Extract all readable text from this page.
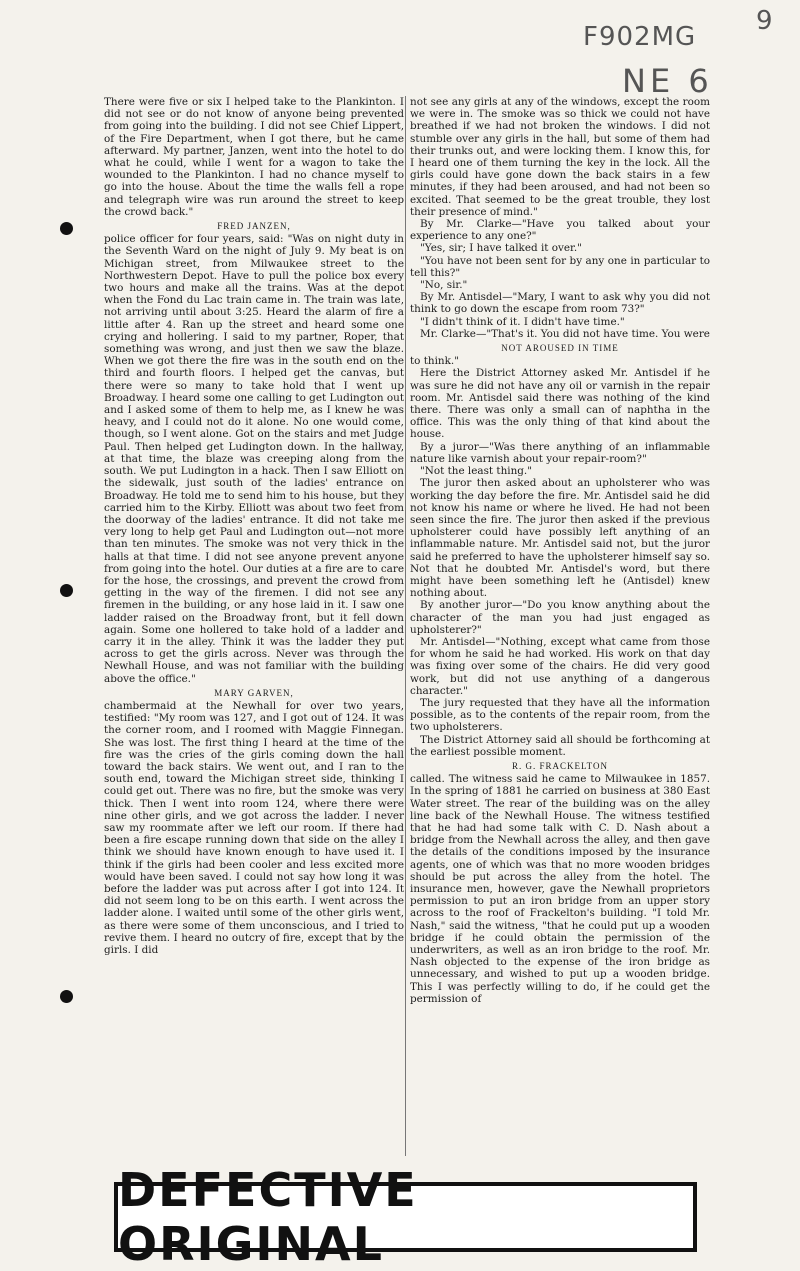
F902MG
9
NE 6

There were five or six I helped take to the Plankinton. I did not see or do not know of anyone being prevented from going into the building. I did not see Chief Lippert, of the Fire Department, when I got there, but he came afterward. My partner, Janzen, went into the hotel to do what he could, while I went for a wagon to take the wounded to the Plankinton. I had no chance myself to go into the house. About the time the walls fell a rope and telegraph wire was run around the street to keep the crowd back."

FRED JANZEN,

police officer for four years, said: "Was on night duty in the Seventh Ward on the night of July 9. My beat is on Michigan street, from Milwaukee street to the Northwestern Depot. Have to pull the police box every two hours and make all the trains. Was at the depot when the Fond du Lac train came in. The train was late, not arriving until about 3:25. Heard the alarm of fire a little after 4. Ran up the street and heard some one crying and hollering. I said to my partner, Roper, that something was wrong, and just then we saw the blaze. When we got there the fire was in the south end on the third and fourth floors. I helped get the canvas, but there were so many to take hold that I went up Broadway. I heard some one calling to get Ludington out and I asked some of them to help me, as I knew he was heavy, and I could not do it alone. No one would come, though, so I went alone. Got on the stairs and met Judge Paul. Then helped get Ludington down. In the hallway, at that time, the blaze was creeping along from the south. We put Ludington in a hack. Then I saw Elliott on the sidewalk, just south of the ladies' entrance on Broadway. He told me to send him to his house, but they carried him to the Kirby. Elliott was about two feet from the doorway of the ladies' entrance. It did not take me very long to help get Paul and Ludington out—not more than ten minutes. The smoke was not very thick in the halls at that time. I did not see anyone prevent anyone from going into the hotel. Our duties at a fire are to care for the hose, the crossings, and prevent the crowd from getting in the way of the firemen. I did not see any firemen in the building, or any hose laid in it. I saw one ladder raised on the Broadway front, but it fell down again. Some one hollered to take hold of a ladder and carry it in the alley. Think it was the ladder they put across to get the girls across. Never was through the Newhall House, and was not familiar with the building above the office."

MARY GARVEN,

chambermaid at the Newhall for over two years, testified: "My room was 127, and I got out of 124. It was the corner room, and I roomed with Maggie Finnegan. She was lost. The first thing I heard at the time of the fire was the cries of the girls coming down the hall toward the back stairs. We went out, and I ran to the south end, toward the Michigan street side, thinking I could get out. There was no fire, but the smoke was very thick. Then I went into room 124, where there were nine other girls, and we got across the ladder. I never saw my roommate after we left our room. If there had been a fire escape running down that side on the alley I think we should have known enough to have used it. I think if the girls had been cooler and less excited more would have been saved. I could not say how long it was before the ladder was put across after I got into 124. It did not seem long to be on this earth. I went across the ladder alone. I waited until some of the other girls went, as there were some of them unconscious, and I tried to revive them. I heard no outcry of fire, except that by the girls. I did

not see any girls at any of the windows, except the room we were in. The smoke was so thick we could not have breathed if we had not broken the windows. I did not stumble over any girls in the hall, but some of them had their trunks out, and were locking them. I know this, for I heard one of them turning the key in the lock. All the girls could have gone down the back stairs in a few minutes, if they had been aroused, and had not been so excited. That seemed to be the great trouble, they lost their presence of mind."

By Mr. Clarke—"Have you talked about your experience to any one?"

"Yes, sir; I have talked it over."

"You have not been sent for by any one in particular to tell this?"

"No, sir."

By Mr. Antisdel—"Mary, I want to ask why you did not think to go down the escape from room 73?"

"I didn't think of it. I didn't have time."

Mr. Clarke—"That's it. You did not have time. You were

NOT AROUSED IN TIME

to think."

Here the District Attorney asked Mr. Antisdel if he was sure he did not have any oil or varnish in the repair room. Mr. Antisdel said there was nothing of the kind there. There was only a small can of naphtha in the office. This was the only thing of that kind about the house.

By a juror—"Was there anything of an inflammable nature like varnish about your repair-room?"

"Not the least thing."

The juror then asked about an upholsterer who was working the day before the fire. Mr. Antisdel said he did not know his name or where he lived. He had not been seen since the fire. The juror then asked if the previous upholsterer could have possibly left anything of an inflammable nature. Mr. Antisdel said not, but the juror said he preferred to have the upholsterer himself say so. Not that he doubted Mr. Antisdel's word, but there might have been something left he (Antisdel) knew nothing about.

By another juror—"Do you know anything about the character of the man you had just engaged as upholsterer?"

Mr. Antisdel—"Nothing, except what came from those for whom he said he had worked. His work on that day was fixing over some of the chairs. He did very good work, but did not use anything of a dangerous character."

The jury requested that they have all the information possible, as to the contents of the repair room, from the two upholsterers.

The District Attorney said all should be forthcoming at the earliest possible moment.

R. G. FRACKELTON

called. The witness said he came to Milwaukee in 1857. In the spring of 1881 he carried on business at 380 East Water street. The rear of the building was on the alley line back of the Newhall House. The witness testified that he had had some talk with C. D. Nash about a bridge from the Newhall across the alley, and then gave the details of the conditions imposed by the insurance agents, one of which was that no more wooden bridges should be put across the alley from the hotel. The insurance men, however, gave the Newhall proprietors permission to put an iron bridge from an upper story across to the roof of Frackelton's building. "I told Mr. Nash," said the witness, "that he could put up a wooden bridge if he could obtain the permission of the underwriters, as well as an iron bridge to the roof. Mr. Nash objected to the expense of the iron bridge as unnecessary, and wished to put up a wooden bridge. This I was perfectly willing to do, if he could get the permission of

DEFECTIVE ORIGINAL
